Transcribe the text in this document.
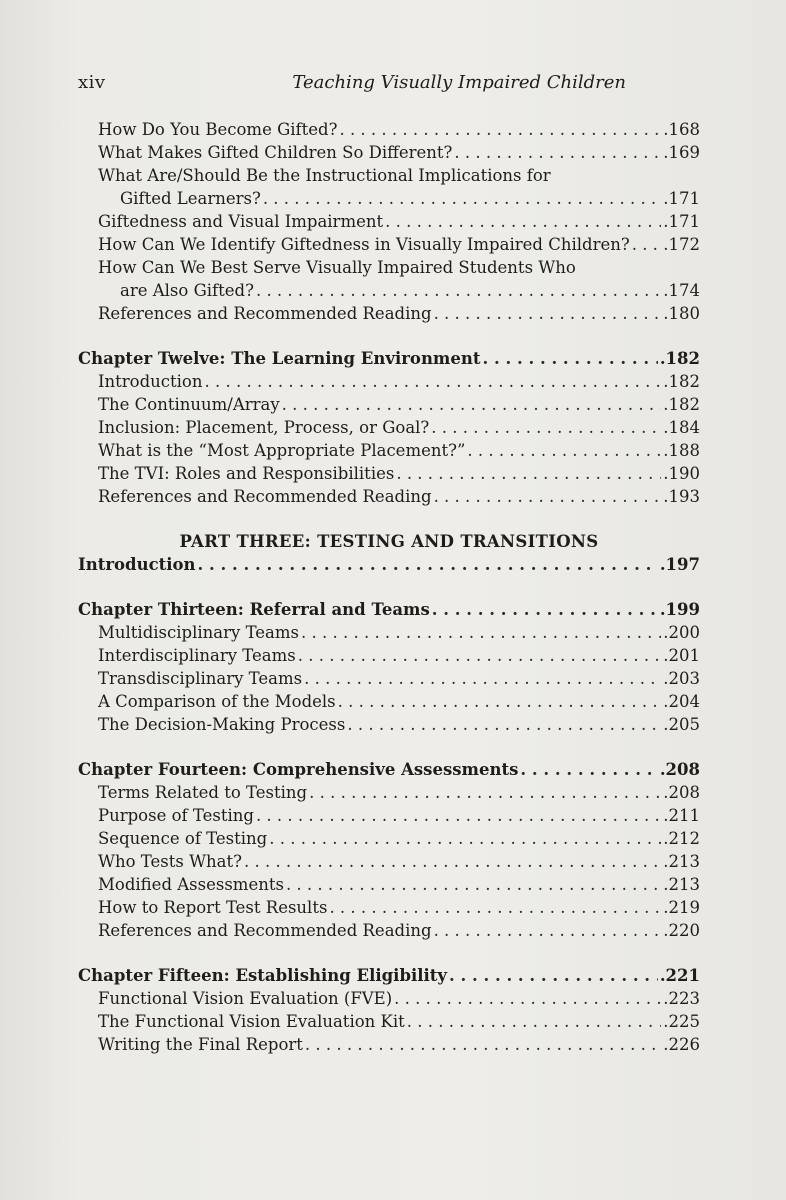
xiv	Teaching Visually Impaired Children
How Do You Become Gifted? . . .	.168
What Makes Gifted Children So Different? . . .	.169
What Are/Should Be the Instructional Implications for
Gifted Learners? . . .	.171
Giftedness and Visual Impairment . . .	.171
How Can We Identify Giftedness in Visually Impaired Children? . . . .172
How Can We Best Serve Visually Impaired Students Who
are Also Gifted? . . .	.174
References and Recommended Reading . . .	.180
Chapter Twelve: The Learning Environment . . .	.182
Introduction . . .	.182
The Continuum/Array . . .	.182
Inclusion: Placement, Process, or Goal? . . .	.184
What is the “Most Appropriate Placement?” . . .	.188
The TVI: Roles and Responsibilities . . .	.190
References and Recommended Reading . . .	.193
PART THREE: TESTING AND TRANSITIONS
Introduction . . .	.197
Chapter Thirteen: Referral and Teams . . .	.199
Multidisciplinary Teams . . .	.200
Interdisciplinary Teams . . .	.201
Transdisciplinary Teams . . .	.203
A Comparison of the Models . . .	.204
The Decision-Making Process . . .	.205
Chapter Fourteen: Comprehensive Assessments . . .	.208
Terms Related to Testing . . .	.208
Purpose of Testing . . .	.211
Sequence of Testing . . .	.212
Who Tests What? . . .	.213
Modified Assessments . . .	.213
How to Report Test Results . . .	.219
References and Recommended Reading . . .	.220
Chapter Fifteen: Establishing Eligibility . . .	.221
Functional Vision Evaluation (FVE) . . .	.223
The Functional Vision Evaluation Kit . . .	.225
Writing the Final Report . . .	.226
